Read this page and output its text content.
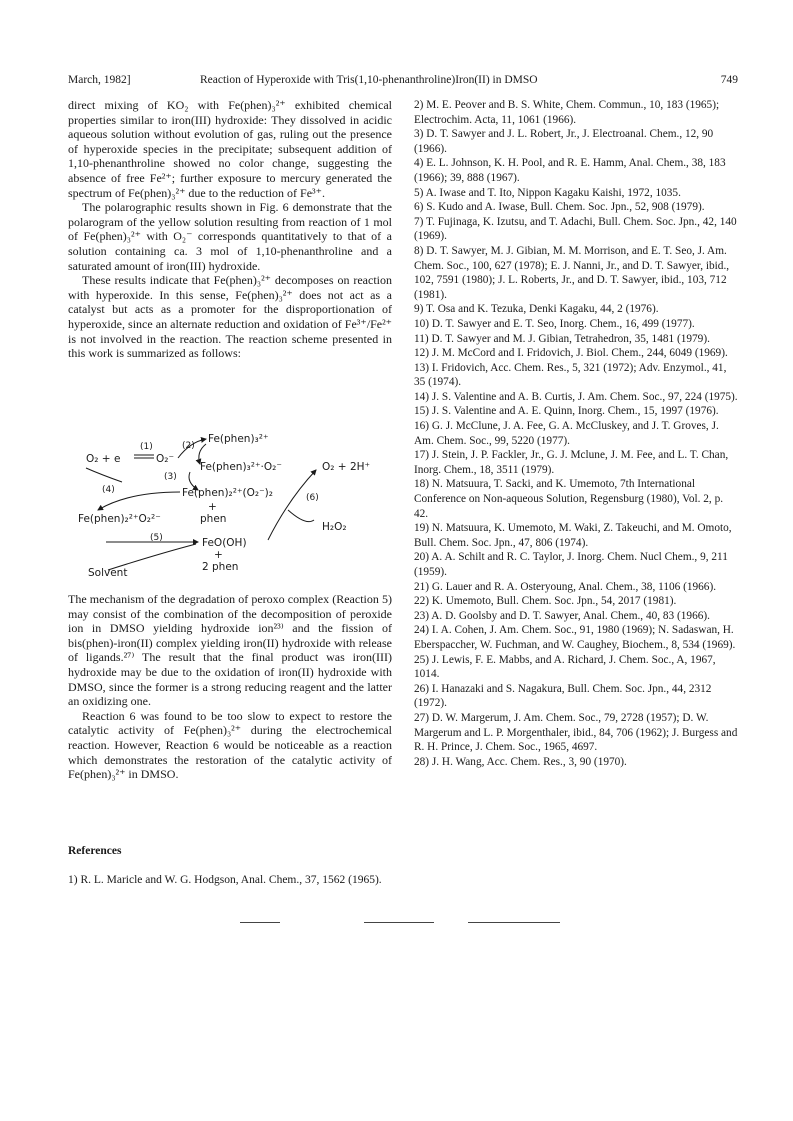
March, 1982]	Reaction of Hyperoxide with Tris(1,10-phenanthroline)Iron(II) in DMSO	749

direct mixing of KO₂ with Fe(phen)₃²⁺ exhibited chemical properties similar to iron(III) hydroxide: They dissolved in acidic aqueous solution without evolution of gas, ruling out the presence of hyperoxide species in the precipitate; subsequent addition of 1,10-phenanthroline showed no color change, suggesting the absence of free Fe²⁺; further exposure to mercury generated the spectrum of Fe(phen)₃²⁺ due to the reduction of Fe³⁺.

The polarographic results shown in Fig. 6 demonstrate that the polarogram of the yellow solution resulting from reaction of 1 mol of Fe(phen)₃²⁺ with O₂⁻ corresponds quantitatively to that of a solution containing ca. 3 mol of 1,10-phenanthroline and a saturated amount of iron(III) hydroxide.

These results indicate that Fe(phen)₃²⁺ decomposes on reaction with hyperoxide. In this sense, Fe(phen)₃²⁺ does not act as a catalyst but acts as a promoter for the disproportionation of hyperoxide, since an alternate reduction and oxidation of Fe³⁺/Fe²⁺ is not involved in the reaction. The reaction scheme presented in this work is summarized as follows:

O₂ + e
(1)
O₂⁻
(2)
Fe(phen)₃²⁺
Fe(phen)₃²⁺·O₂⁻
(3)
Fe(phen)₂²⁺(O₂⁻)₂
+
phen
(4)
Fe(phen)₂²⁺O₂²⁻
(5)	FeO(OH)
+
2 phen
Solvent
(6)
O₂ + 2H⁺
H₂O₂

The mechanism of the degradation of peroxo complex (Reaction 5) may consist of the combination of the decomposition of peroxide ion in DMSO yielding hydroxide ion²³⁾ and the fission of bis(phen)-iron(II) complex yielding iron(II) hydroxide with release of ligands.²⁷⁾ The result that the final product was iron(III) hydroxide may be due to the oxidation of iron(II) hydroxide with DMSO, since the former is a strong reducing reagent and the latter an oxidizing one.

Reaction 6 was found to be too slow to expect to restore the catalytic activity of Fe(phen)₃²⁺ during the electrochemical reaction. However, Reaction 6 would be noticeable as a reaction which demonstrates the restoration of the catalytic activity of Fe(phen)₃²⁺ in DMSO.

References
1) R. L. Maricle and W. G. Hodgson, Anal. Chem., 37, 1562 (1965).

2) M. E. Peover and B. S. White, Chem. Commun., 10, 183 (1965); Electrochim. Acta, 11, 1061 (1966).

3) D. T. Sawyer and J. L. Robert, Jr., J. Electroanal. Chem., 12, 90 (1966).

4) E. L. Johnson, K. H. Pool, and R. E. Hamm, Anal. Chem., 38, 183 (1966); 39, 888 (1967).

5) A. Iwase and T. Ito, Nippon Kagaku Kaishi, 1972, 1035.

6) S. Kudo and A. Iwase, Bull. Chem. Soc. Jpn., 52, 908 (1979).

7) T. Fujinaga, K. Izutsu, and T. Adachi, Bull. Chem. Soc. Jpn., 42, 140 (1969).

8) D. T. Sawyer, M. J. Gibian, M. M. Morrison, and E. T. Seo, J. Am. Chem. Soc., 100, 627 (1978); E. J. Nanni, Jr., and D. T. Sawyer, ibid., 102, 7591 (1980); J. L. Roberts, Jr., and D. T. Sawyer, ibid., 103, 712 (1981).

9) T. Osa and K. Tezuka, Denki Kagaku, 44, 2 (1976).

10) D. T. Sawyer and E. T. Seo, Inorg. Chem., 16, 499 (1977).

11) D. T. Sawyer and M. J. Gibian, Tetrahedron, 35, 1481 (1979).

12) J. M. McCord and I. Fridovich, J. Biol. Chem., 244, 6049 (1969).

13) I. Fridovich, Acc. Chem. Res., 5, 321 (1972); Adv. Enzymol., 41, 35 (1974).

14) J. S. Valentine and A. B. Curtis, J. Am. Chem. Soc., 97, 224 (1975).

15) J. S. Valentine and A. E. Quinn, Inorg. Chem., 15, 1997 (1976).

16) G. J. McClune, J. A. Fee, G. A. McCluskey, and J. T. Groves, J. Am. Chem. Soc., 99, 5220 (1977).

17) J. Stein, J. P. Fackler, Jr., G. J. Mclune, J. M. Fee, and L. T. Chan, Inorg. Chem., 18, 3511 (1979).

18) N. Matsuura, T. Sacki, and K. Umemoto, 7th International Conference on Non-aqueous Solution, Regensburg (1980), Vol. 2, p. 42.

19) N. Matsuura, K. Umemoto, M. Waki, Z. Takeuchi, and M. Omoto, Bull. Chem. Soc. Jpn., 47, 806 (1974).

20) A. A. Schilt and R. C. Taylor, J. Inorg. Chem. Nucl Chem., 9, 211 (1959).

21) G. Lauer and R. A. Osteryoung, Anal. Chem., 38, 1106 (1966).

22) K. Umemoto, Bull. Chem. Soc. Jpn., 54, 2017 (1981).

23) A. D. Goolsby and D. T. Sawyer, Anal. Chem., 40, 83 (1966).

24) I. A. Cohen, J. Am. Chem. Soc., 91, 1980 (1969); N. Sadaswan, H. Eberspaccher, W. Fuchman, and W. Caughey, Biochem., 8, 534 (1969).

25) J. Lewis, F. E. Mabbs, and A. Richard, J. Chem. Soc., A, 1967, 1014.

26) I. Hanazaki and S. Nagakura, Bull. Chem. Soc. Jpn., 44, 2312 (1972).

27) D. W. Margerum, J. Am. Chem. Soc., 79, 2728 (1957); D. W. Margerum and L. P. Morgenthaler, ibid., 84, 706 (1962); J. Burgess and R. H. Prince, J. Chem. Soc., 1965, 4697.

28) J. H. Wang, Acc. Chem. Res., 3, 90 (1970).
